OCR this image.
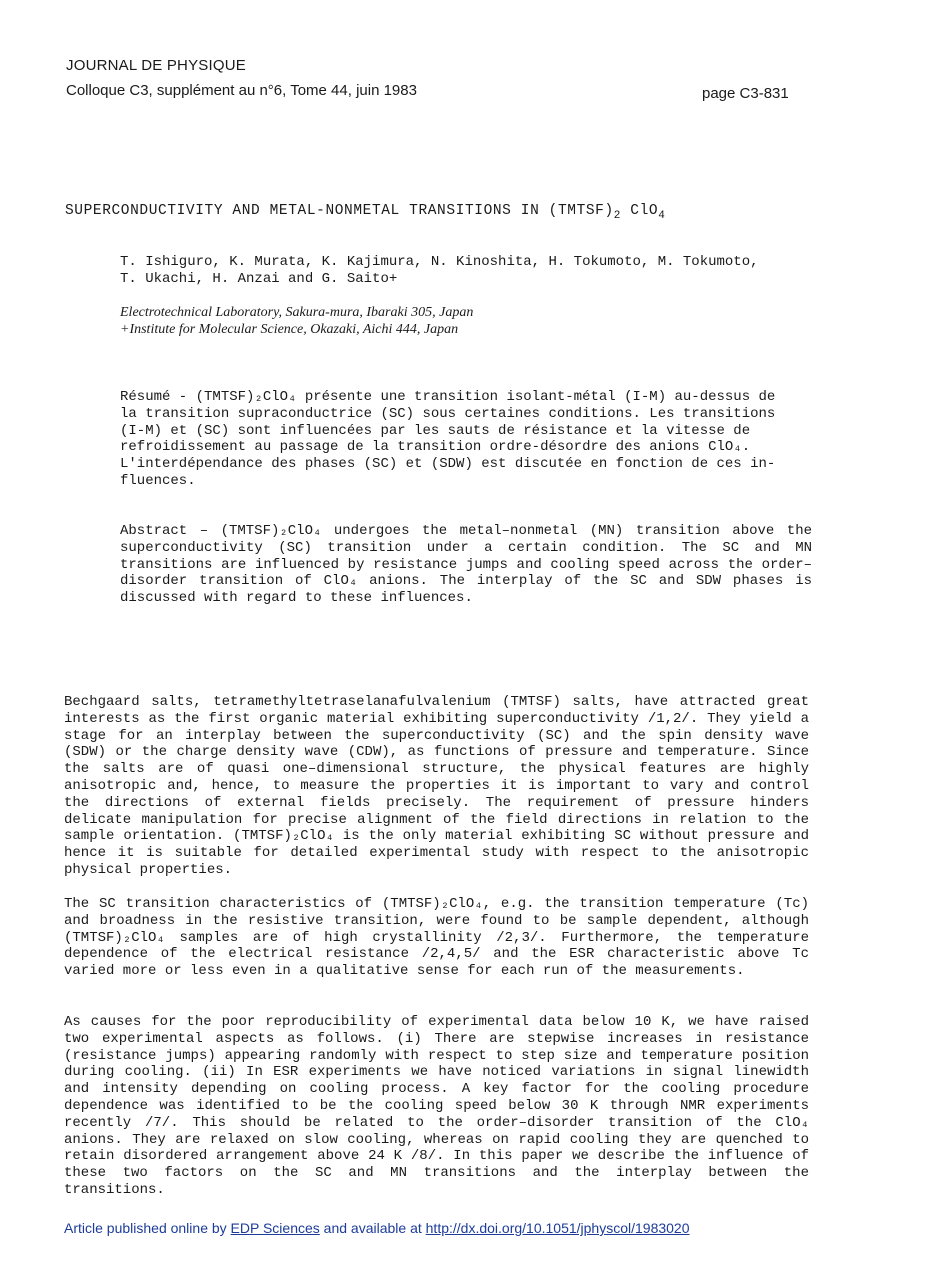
JOURNAL DE PHYSIQUE
Colloque C3, supplément au n°6, Tome 44, juin 1983	page C3-831
SUPERCONDUCTIVITY AND METAL-NONMETAL TRANSITIONS IN $(TMTSF)_2$ ClO$_4$
T. Ishiguro, K. Murata, K. Kajimura, N. Kinoshita, H. Tokumoto, M. Tokumoto,
T. Ukachi, H. Anzai and G. Saito+
Electrotechnical Laboratory, Sakura-mura, Ibaraki 305, Japan
+Institute for Molecular Science, Okazaki, Aichi 444, Japan
Résumé - (TMTSF)₂ClO₄ présente une transition isolant-métal (I-M) au-dessus de
la transition supraconductrice (SC) sous certaines conditions. Les transitions
(I-M) et (SC) sont influencées par les sauts de résistance et la vitesse de
refroidissement au passage de la transition ordre-désordre des anions ClO₄.
L'interdépendance des phases (SC) et (SDW) est discutée en fonction de ces in-
fluences.

Abstract – (TMTSF)₂ClO₄ undergoes the metal–nonmetal (MN) transition above the superconductivity (SC) transition under a certain condition. The SC and MN transitions are influenced by resistance jumps and cooling speed across the order–disorder transition of ClO₄ anions. The interplay of the SC and SDW phases is discussed with regard to these influences.

Bechgaard salts, tetramethyltetraselanafulvalenium (TMTSF) salts, have attracted great interests as the first organic material exhibiting superconductivity /1,2/. They yield a stage for an interplay between the superconductivity (SC) and the spin density wave (SDW) or the charge density wave (CDW), as functions of pressure and temperature. Since the salts are of quasi one–dimensional structure, the physical features are highly anisotropic and, hence, to measure the properties it is important to vary and control the directions of external fields precisely. The requirement of pressure hinders delicate manipulation for precise alignment of the field directions in relation to the sample orientation. (TMTSF)₂ClO₄ is the only material exhibiting SC without pressure and hence it is suitable for detailed experimental study with respect to the anisotropic physical properties.

The SC transition characteristics of (TMTSF)₂ClO₄, e.g. the transition temperature (Tc) and broadness in the resistive transition, were found to be sample dependent, although (TMTSF)₂ClO₄ samples are of high crystallinity /2,3/. Furthermore, the temperature dependence of the electrical resistance /2,4,5/ and the ESR characteristic above Tc varied more or less even in a qualitative sense for each run of the measurements.

As causes for the poor reproducibility of experimental data below 10 K, we have raised two experimental aspects as follows. (i) There are stepwise increases in resistance (resistance jumps) appearing randomly with respect to step size and temperature position during cooling. (ii) In ESR experiments we have noticed variations in signal linewidth and intensity depending on cooling process. A key factor for the cooling procedure dependence was identified to be the cooling speed below 30 K through NMR experiments recently /7/. This should be related to the order–disorder transition of the ClO₄ anions. They are relaxed on slow cooling, whereas on rapid cooling they are quenched to retain disordered arrangement above 24 K /8/. In this paper we describe the influence of these two factors on the SC and MN transitions and the interplay between the transitions.

Article published online by EDP Sciences and available at http://dx.doi.org/10.1051/jphyscol/1983020
